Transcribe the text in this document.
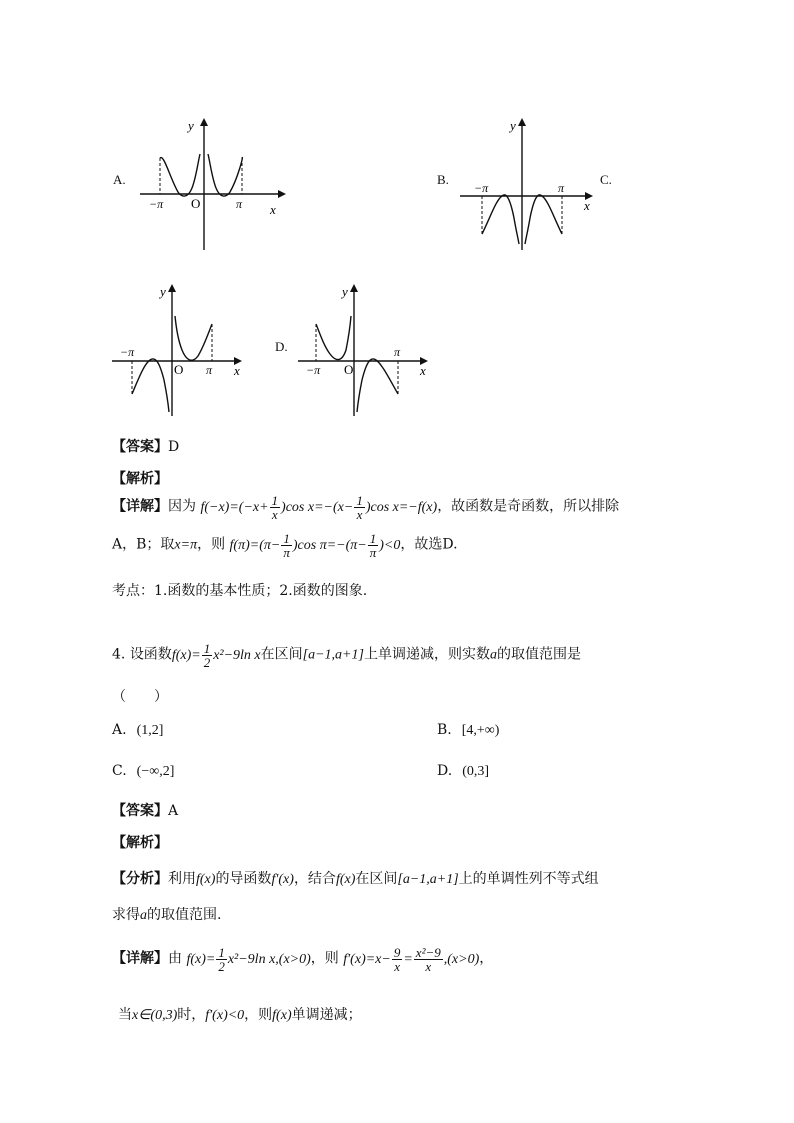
A.
y
x
O
−π	π
B.
y
x
−π	π
C.
y
x
O
−π
π
D.
y
x
O
−π
π
【答案】D
【解析】
【详解】因为 $f(-x)=(-x+ \frac{1}{x} )\cos$ $x=-(x- \frac{1}{x} )\cos$ x=−f(x)，故函数是奇函数，所以排除
A，B；取x=π，则 $f(\pi)=(\pi- \frac{1}{\pi} )\cos$ $\pi=-(\pi- \frac{1}{\pi} )<0$，故选D.
考点：1.函数的基本性质；2.函数的图象.
4. 设函数$f(x)= \frac{1}{2} x^2-9\ln$ x在区间[a−1,a+1]上单调递减，则实数a的取值范围是
（　　）
A. (1,2]	B. [4,+∞)
C. (−∞,2]	D. (0,3]
【答案】A
【解析】
【分析】利用f(x)的导函数f′(x)，结合f(x)在区间[a−1,a+1]上的单调性列不等式组
求得a的取值范围.
【详解】由 $f(x)= \frac{1}{2} x^2-9\ln$ x,(x>0)，则 $f'(x)=x- \frac{9}{x} = \frac{\text{x²−9}}{x} ,(x>0)$，
当x∈(0,3)时，f′(x)<0，则f(x)单调递减；
